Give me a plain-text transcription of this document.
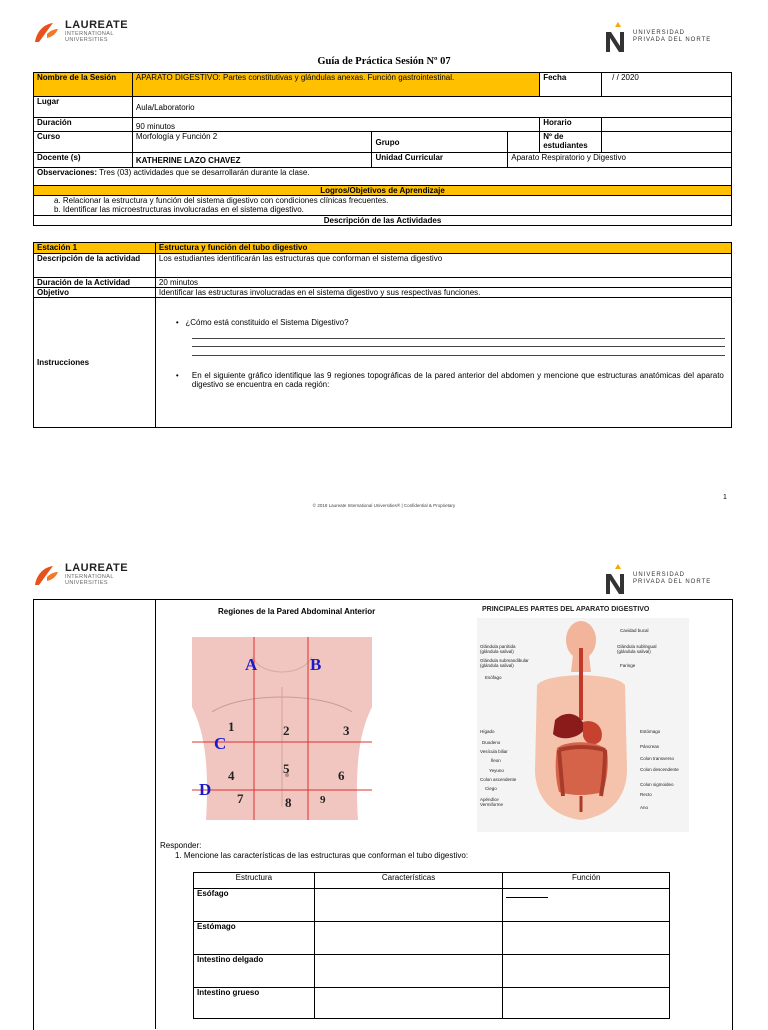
LAUREATE
INTERNATIONAL
UNIVERSITIES
UNIVERSIDAD
PRIVADA DEL NORTE
Guía de Práctica Sesión Nº 07
Nombre de la Sesión	APARATO DIGESTIVO: Partes constitutivas y glándulas anexas. Función gastrointestinal.			Fecha	/ / 2020
Lugar	Aula/Laboratorio				
Duración	90 minutos			Horario	
Curso	Morfología y Función 2	Grupo		Nº de estudiantes	
Docente (s)	KATHERINE LAZO CHAVEZ	Unidad Curricular	Aparato Respiratorio y Digestivo		
Observaciones: Tres (03) actividades que se desarrollarán durante la clase.					
Logros/Objetivos de Aprendizaje					

a. Relacionar la estructura y función del sistema digestivo con condiciones clínicas frecuentes.
b. Identificar las microestructuras involucradas en el sistema digestivo.					

Descripción de las Actividades					
Estación 1	Estructura y función del tubo digestivo
Descripción de la actividad	Los estudiantes identificarán las estructuras que conforman el sistema digestivo
Duración de la Actividad	20 minutos
Objetivo	Identificar las estructuras involucradas en el sistema digestivo y sus respectivas funciones.
Instrucciones	•   ¿Cómo está constituido el Sistema Digestivo?
• En el siguiente gráfico identifique las 9 regiones topográficas de la pared anterior del abdomen y mencione que estructuras anatómicas del aparato digestivo se encuentra en cada región:
© 2018 Laureate International Universities® | Confidential & Proprietary
1
LAUREATE
INTERNATIONAL
UNIVERSITIES
UNIVERSIDAD
PRIVADA DEL NORTE
Regiones de la Pared Abdominal Anterior
A	B
C
D
1	2	3
4	5	6
7	8	9
PRINCIPALES PARTES DEL APARATO DIGESTIVO
Glándula parótida (glándula salival)
Glándula submandibular (glándula salival)
Esófago
Hígado
Duodeno
Vesícula biliar
Íleon
Yeyuno
Colon ascendente
Ciego
Apéndice Vermiforme
Cavidad bucal
Glándula sublingual (glándula salival)
Faringe
Estómago
Páncreas
Colon transverso
Colon descendente
Colon sigmoideo
Recto
Ano
Responder:
1. Mencione las características de las estructuras que conforman el tubo digestivo:
Estructura	Características	Función
Esófago		

Estómago		
Intestino delgado		
Intestino grueso		
